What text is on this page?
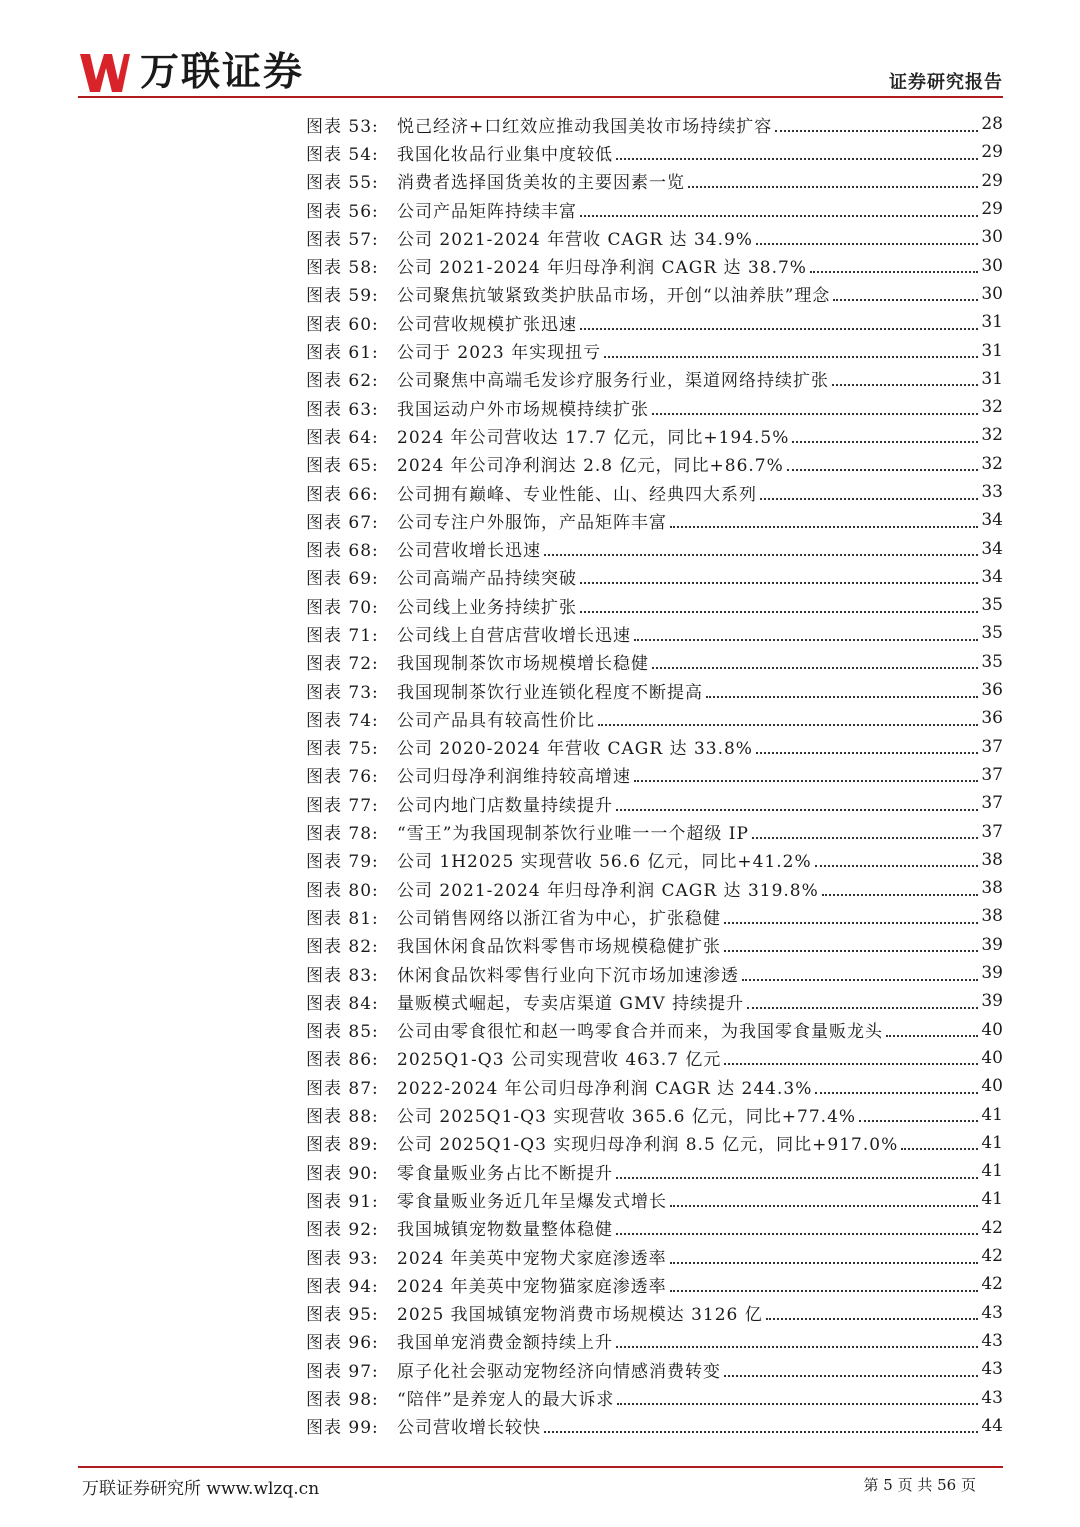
万联证券	证券研究报告
图表 53:	悦己经济+口红效应推动我国美妆市场持续扩容	28
图表 54:	我国化妆品行业集中度较低	29
图表 55:	消费者选择国货美妆的主要因素一览	29
图表 56:	公司产品矩阵持续丰富	29
图表 57:	公司 2021-2024 年营收 CAGR 达 34.9%	30
图表 58:	公司 2021-2024 年归母净利润 CAGR 达 38.7%	30
图表 59:	公司聚焦抗皱紧致类护肤品市场，开创“以油养肤”理念	30
图表 60:	公司营收规模扩张迅速	31
图表 61:	公司于 2023 年实现扭亏	31
图表 62:	公司聚焦中高端毛发诊疗服务行业，渠道网络持续扩张	31
图表 63:	我国运动户外市场规模持续扩张	32
图表 64:	2024 年公司营收达 17.7 亿元，同比+194.5%	32
图表 65:	2024 年公司净利润达 2.8 亿元，同比+86.7%	32
图表 66:	公司拥有巅峰、专业性能、山、经典四大系列	33
图表 67:	公司专注户外服饰，产品矩阵丰富	34
图表 68:	公司营收增长迅速	34
图表 69:	公司高端产品持续突破	34
图表 70:	公司线上业务持续扩张	35
图表 71:	公司线上自营店营收增长迅速	35
图表 72:	我国现制茶饮市场规模增长稳健	35
图表 73:	我国现制茶饮行业连锁化程度不断提高	36
图表 74:	公司产品具有较高性价比	36
图表 75:	公司 2020-2024 年营收 CAGR 达 33.8%	37
图表 76:	公司归母净利润维持较高增速	37
图表 77:	公司内地门店数量持续提升	37
图表 78:	“雪王”为我国现制茶饮行业唯一一个超级 IP	37
图表 79:	公司 1H2025 实现营收 56.6 亿元，同比+41.2%	38
图表 80:	公司 2021-2024 年归母净利润 CAGR 达 319.8%	38
图表 81:	公司销售网络以浙江省为中心，扩张稳健	38
图表 82:	我国休闲食品饮料零售市场规模稳健扩张	39
图表 83:	休闲食品饮料零售行业向下沉市场加速渗透	39
图表 84:	量贩模式崛起，专卖店渠道 GMV 持续提升	39
图表 85:	公司由零食很忙和赵一鸣零食合并而来，为我国零食量贩龙头	40
图表 86:	2025Q1-Q3 公司实现营收 463.7 亿元	40
图表 87:	2022-2024 年公司归母净利润 CAGR 达 244.3%	40
图表 88:	公司 2025Q1-Q3 实现营收 365.6 亿元，同比+77.4%	41
图表 89:	公司 2025Q1-Q3 实现归母净利润 8.5 亿元，同比+917.0%	41
图表 90:	零食量贩业务占比不断提升	41
图表 91:	零食量贩业务近几年呈爆发式增长	41
图表 92:	我国城镇宠物数量整体稳健	42
图表 93:	2024 年美英中宠物犬家庭渗透率	42
图表 94:	2024 年美英中宠物猫家庭渗透率	42
图表 95:	2025 我国城镇宠物消费市场规模达 3126 亿	43
图表 96:	我国单宠消费金额持续上升	43
图表 97:	原子化社会驱动宠物经济向情感消费转变	43
图表 98:	“陪伴”是养宠人的最大诉求	43
图表 99:	公司营收增长较快	44
万联证券研究所 www.wlzq.cn	第 5 页 共 56 页
